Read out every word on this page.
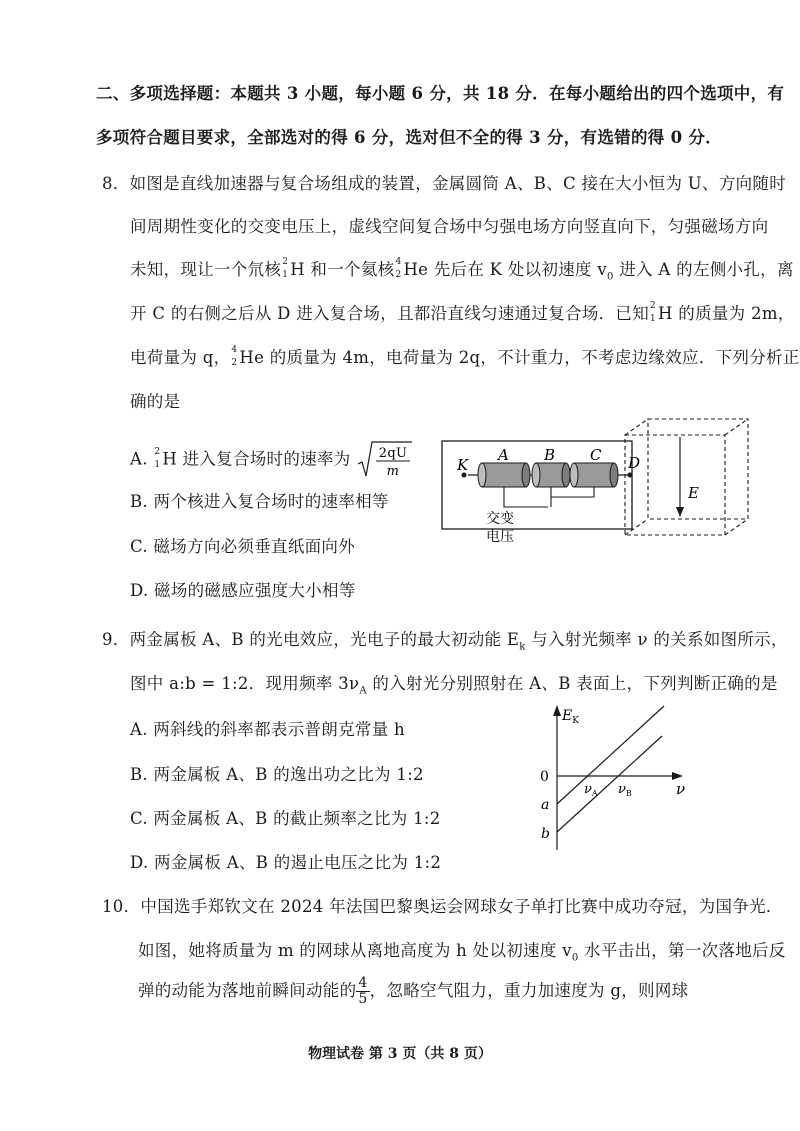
二、多项选择题：本题共 3 小题，每小题 6 分，共 18 分．在每小题给出的四个选项中，有
多项符合题目要求，全部选对的得 6 分，选对但不全的得 3 分，有选错的得 0 分．
8．如图是直线加速器与复合场组成的装置，金属圆筒 A、B、C 接在大小恒为 U、方向随时
间周期性变化的交变电压上，虚线空间复合场中匀强电场方向竖直向下，匀强磁场方向
未知，现让一个氘核 2
1 H 和一个氦核 4
2 He 先后在 K 处以初速度 $v_0$ 进入 A 的左侧小孔，离
开 C 的右侧之后从 D 进入复合场，且都沿直线匀速通过复合场．已知 2
1 H 的质量为 2m，
电荷量为 q， 4
2 He 的质量为 4m，电荷量为 2q，不计重力，不考虑边缘效应．下列分析正
确的是
A. 2
1 H 进入复合场时的速率为 2qU
m
B. 两个核进入复合场时的速率相等
C. 磁场方向必须垂直纸面向外
D. 磁场的磁感应强度大小相等
K
A B C D
交变
电压
E
9．两金属板 A、B 的光电效应，光电子的最大初动能 $E_k$ 与入射光频率 ν 的关系如图所示，
图中 a:b = 1:2．现用频率 $3\nu_A$ 的入射光分别照射在 A、B 表面上，下列判断正确的是
A. 两斜线的斜率都表示普朗克常量 h
B. 两金属板 A、B 的逸出功之比为 1:2
C. 两金属板 A、B 的截止频率之比为 1:2
D. 两金属板 A、B 的遏止电压之比为 1:2
$E_K$
0
ν
$\nu_A$ $\nu_B$
a
b
10．中国选手郑钦文在 2024 年法国巴黎奥运会网球女子单打比赛中成功夺冠，为国争光．
如图，她将质量为 m 的网球从离地高度为 h 处以初速度 $v_0$ 水平击出，第一次落地后反
弹的动能为落地前瞬间动能的 $\frac{4}{5}$ ，忽略空气阻力，重力加速度为 g，则网球
物理试卷 第 3 页（共 8 页）
